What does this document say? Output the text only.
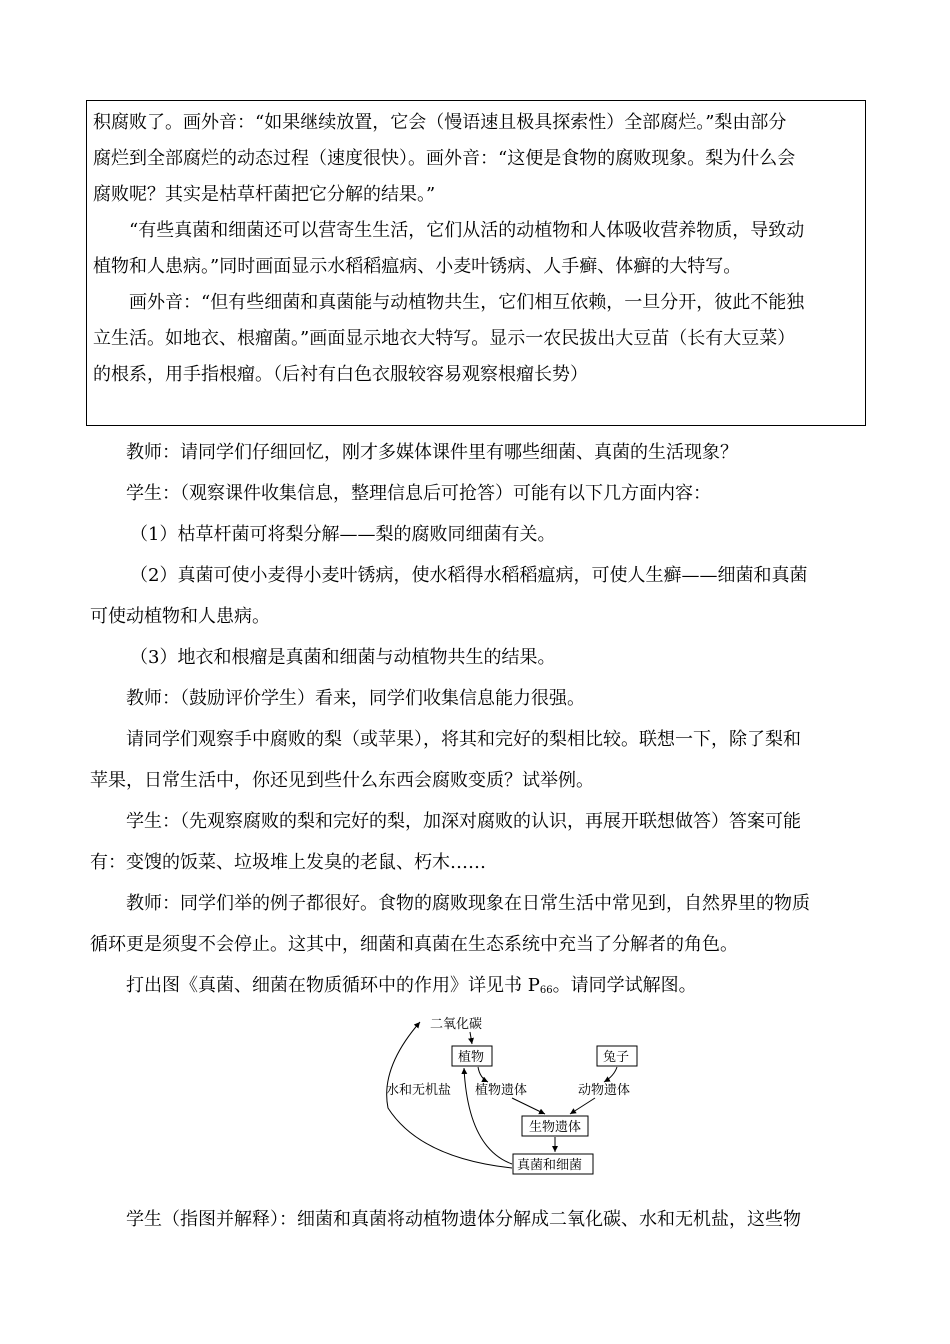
积腐败了。画外音：“如果继续放置，它会（慢语速且极具探索性）全部腐烂。”梨由部分

腐烂到全部腐烂的动态过程（速度很快）。画外音：“这便是食物的腐败现象。梨为什么会

腐败呢？其实是枯草杆菌把它分解的结果。”

“有些真菌和细菌还可以营寄生生活，它们从活的动植物和人体吸收营养物质，导致动

植物和人患病。”同时画面显示水稻稻瘟病、小麦叶锈病、人手癣、体癣的大特写。

画外音：“但有些细菌和真菌能与动植物共生，它们相互依赖，一旦分开，彼此不能独

立生活。如地衣、根瘤菌。”画面显示地衣大特写。显示一农民拔出大豆苗（长有大豆菜）

的根系，用手指根瘤。（后衬有白色衣服较容易观察根瘤长势）

教师：请同学们仔细回忆，刚才多媒体课件里有哪些细菌、真菌的生活现象？

学生：（观察课件收集信息，整理信息后可抢答）可能有以下几方面内容：

（1）枯草杆菌可将梨分解——梨的腐败同细菌有关。

（2）真菌可使小麦得小麦叶锈病，使水稻得水稻稻瘟病，可使人生癣——细菌和真菌

可使动植物和人患病。

（3）地衣和根瘤是真菌和细菌与动植物共生的结果。

教师：（鼓励评价学生）看来，同学们收集信息能力很强。

请同学们观察手中腐败的梨（或苹果），将其和完好的梨相比较。联想一下，除了梨和

苹果，日常生活中，你还见到些什么东西会腐败变质？试举例。

学生：（先观察腐败的梨和完好的梨，加深对腐败的认识，再展开联想做答）答案可能

有：变馊的饭菜、垃圾堆上发臭的老鼠、朽木……

教师：同学们举的例子都很好。食物的腐败现象在日常生活中常见到，自然界里的物质

循环更是须叟不会停止。这其中，细菌和真菌在生态系统中充当了分解者的角色。

打出图《真菌、细菌在物质循环中的作用》详见书 $P_{66}$。请同学试解图。

二氧化碳
植物	兔子
水和无机盐 植物遗体	动物遗体
生物遗体
真菌和细菌

学生（指图并解释）：细菌和真菌将动植物遗体分解成二氧化碳、水和无机盐，这些物
